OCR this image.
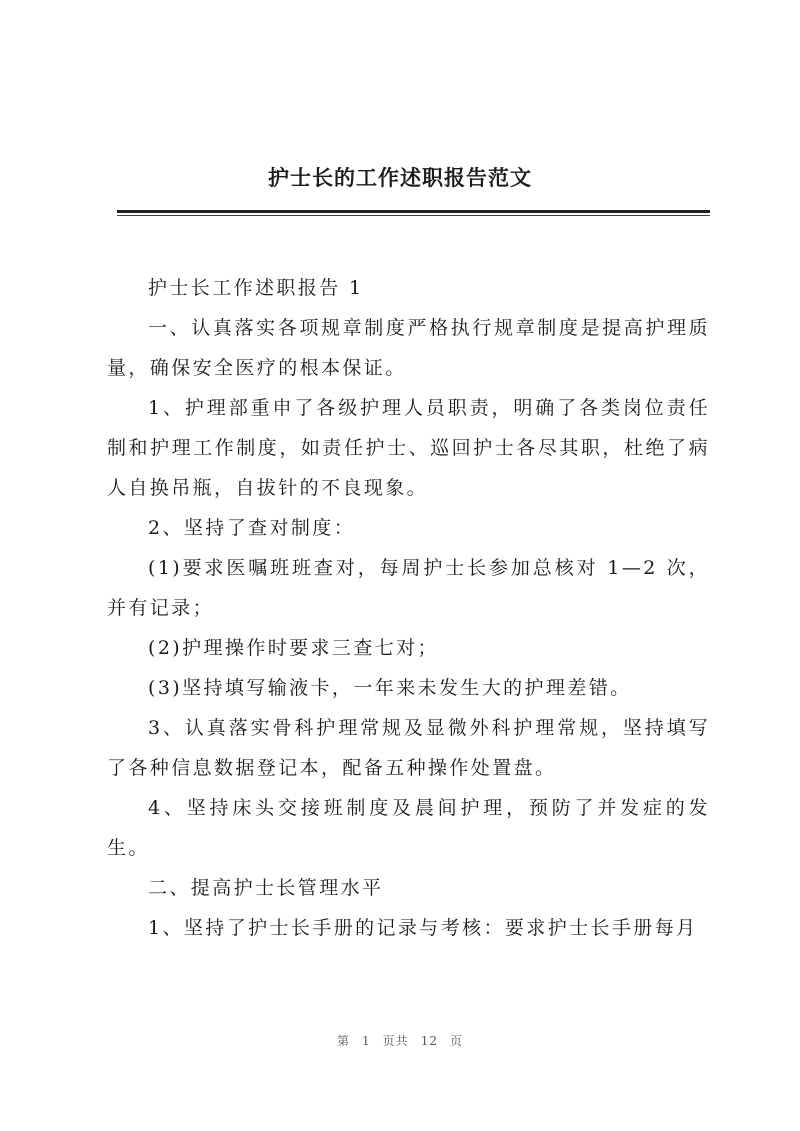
护士长的工作述职报告范文

护士长工作述职报告 1

一、认真落实各项规章制度严格执行规章制度是提高护理质量，确保安全医疗的根本保证。

1、护理部重申了各级护理人员职责，明确了各类岗位责任制和护理工作制度，如责任护士、巡回护士各尽其职，杜绝了病人自换吊瓶，自拔针的不良现象。

2、坚持了查对制度：

(1)要求医嘱班班查对，每周护士长参加总核对 1—2 次，并有记录；

(2)护理操作时要求三查七对；

(3)坚持填写输液卡，一年来未发生大的护理差错。

3、认真落实骨科护理常规及显微外科护理常规，坚持填写了各种信息数据登记本，配备五种操作处置盘。

4、坚持床头交接班制度及晨间护理，预防了并发症的发生。

二、提高护士长管理水平

1、坚持了护士长手册的记录与考核：要求护士长手册每月

第 1 页共 12 页
